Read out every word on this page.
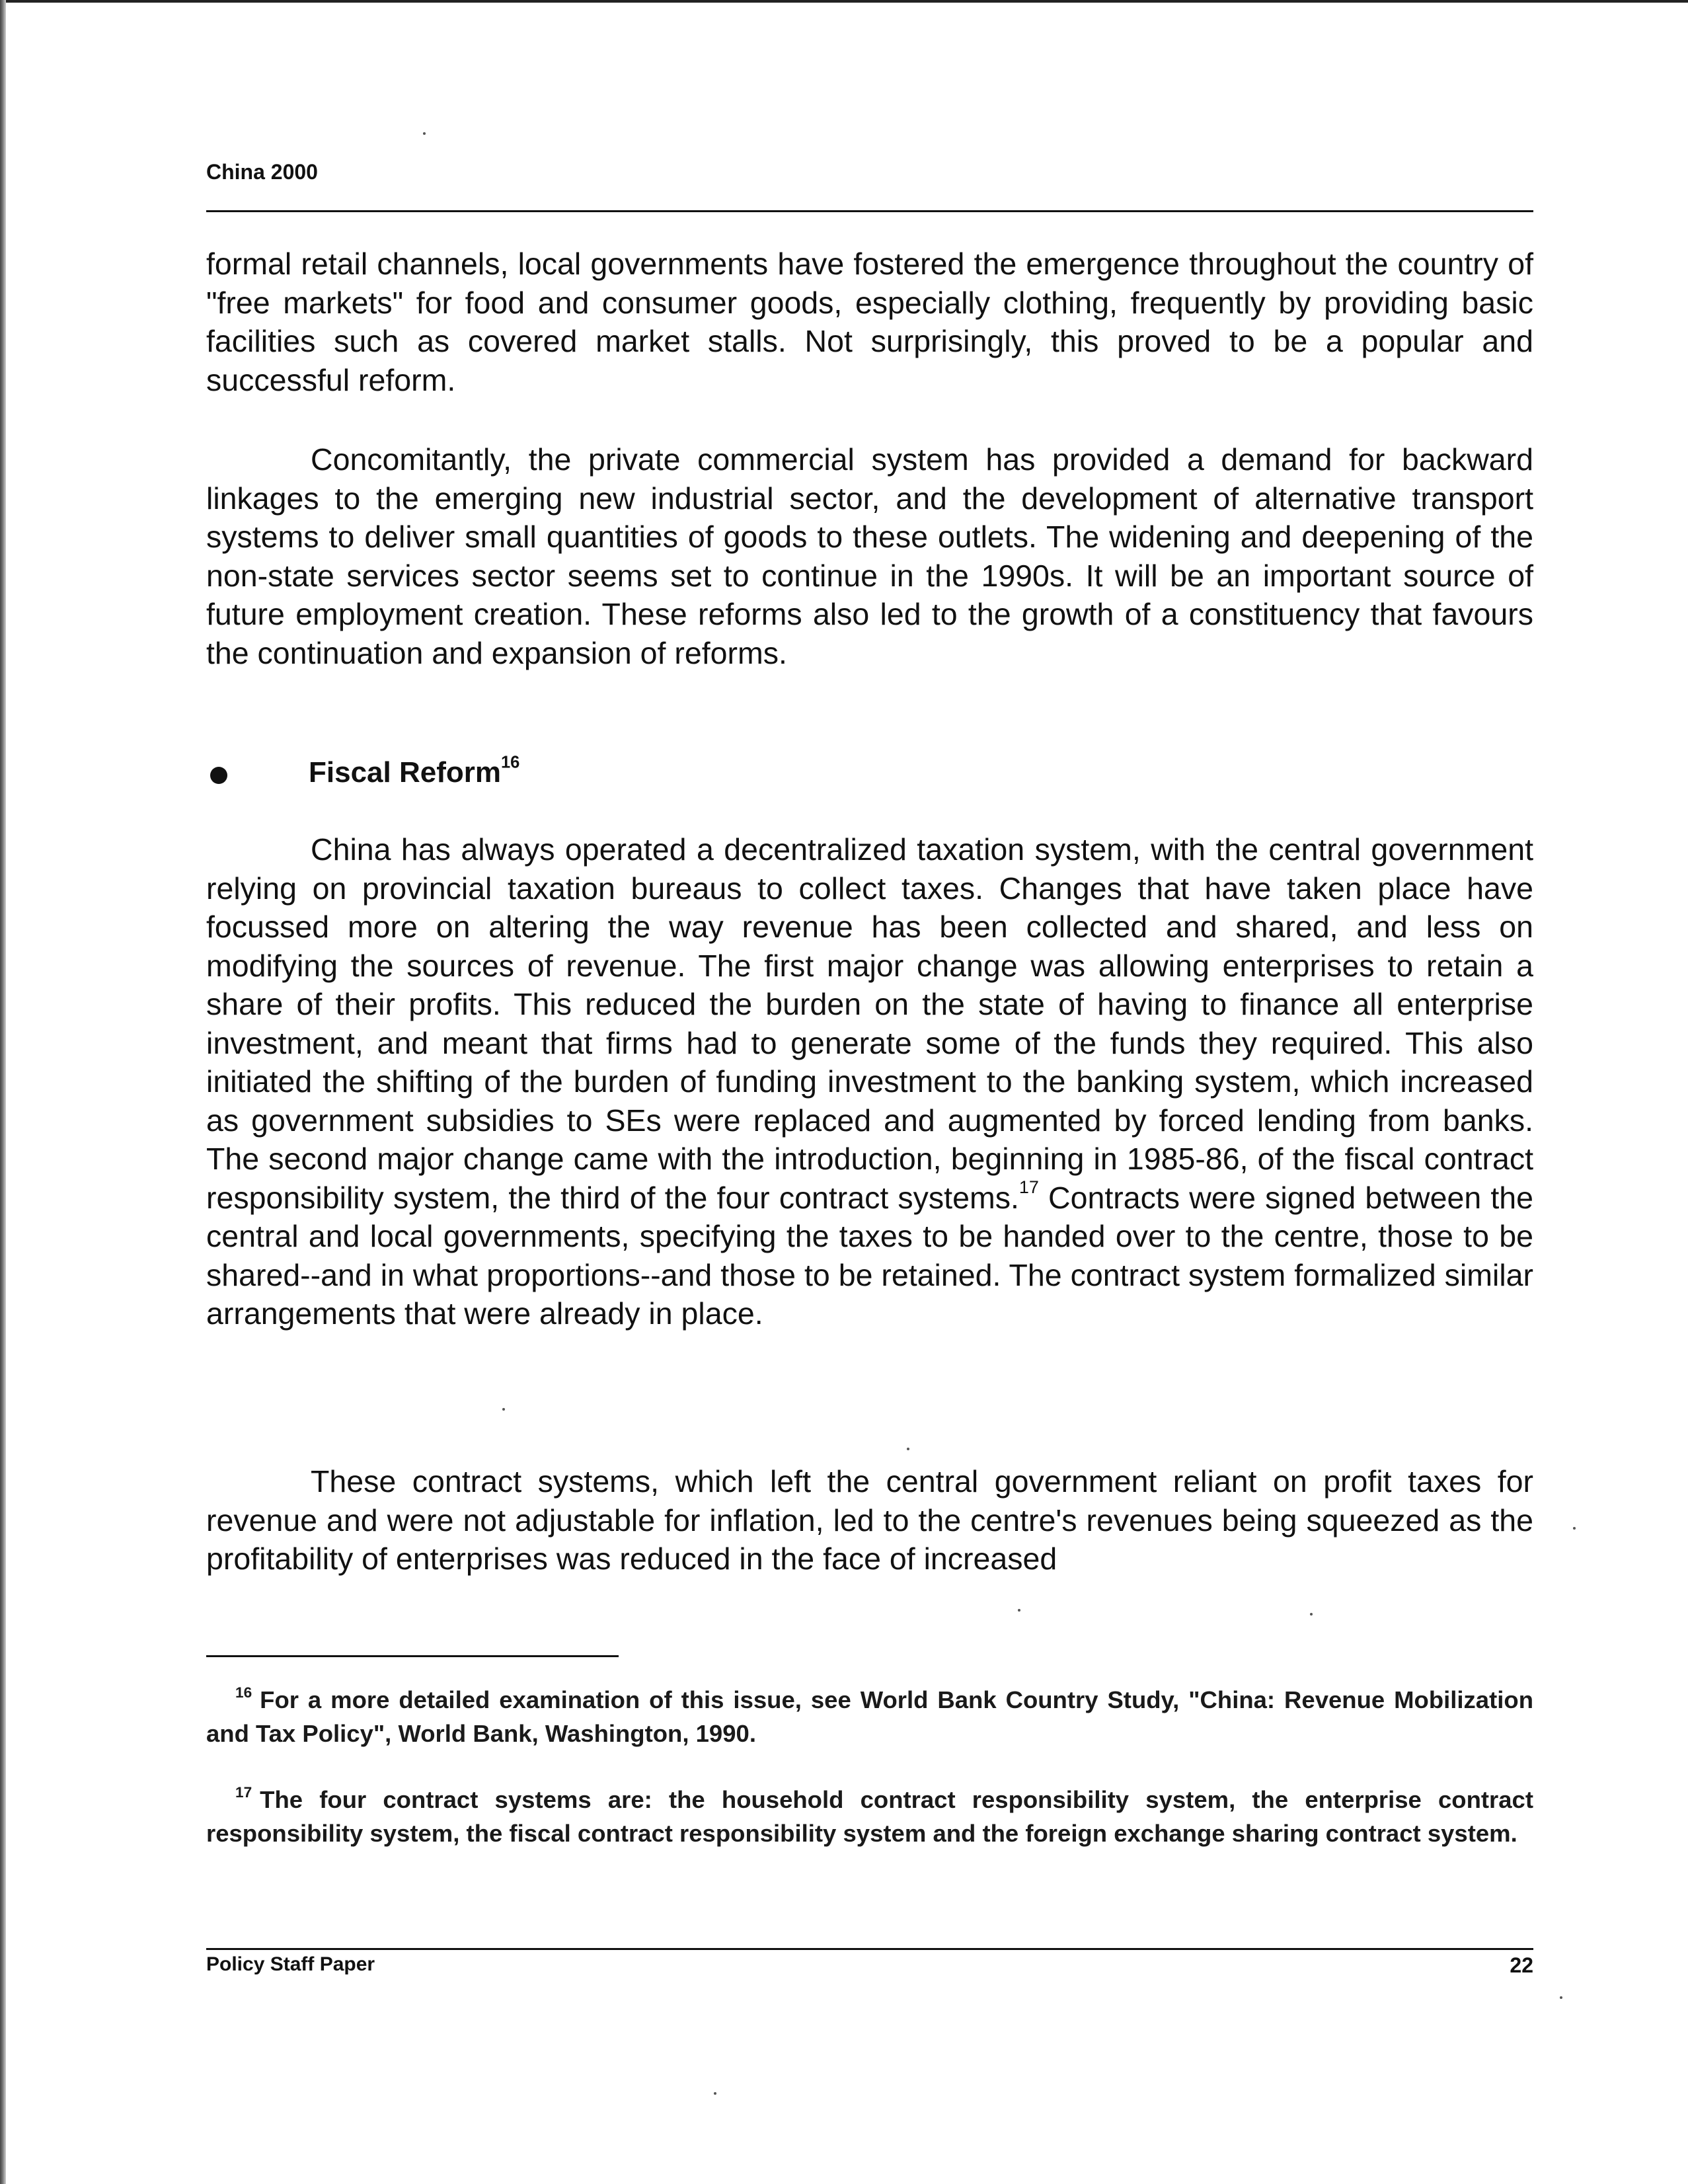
China 2000

formal retail channels, local governments have fostered the emergence throughout the country of "free markets" for food and consumer goods, especially clothing, frequently by providing basic facilities such as covered market stalls. Not surprisingly, this proved to be a popular and successful reform.

Concomitantly, the private commercial system has provided a demand for backward linkages to the emerging new industrial sector, and the development of alternative transport systems to deliver small quantities of goods to these outlets. The widening and deepening of the non-state services sector seems set to continue in the 1990s. It will be an important source of future employment creation. These reforms also led to the growth of a constituency that favours the continuation and expansion of reforms.

Fiscal Reform$^{16}$

China has always operated a decentralized taxation system, with the central government relying on provincial taxation bureaus to collect taxes. Changes that have taken place have focussed more on altering the way revenue has been collected and shared, and less on modifying the sources of revenue. The first major change was allowing enterprises to retain a share of their profits. This reduced the burden on the state of having to finance all enterprise investment, and meant that firms had to generate some of the funds they required. This also initiated the shifting of the burden of funding investment to the banking system, which increased as government subsidies to SEs were replaced and augmented by forced lending from banks. The second major change came with the introduction, beginning in 1985-86, of the fiscal contract responsibility system, the third of the four contract systems.$^{17}$ Contracts were signed between the central and local governments, specifying the taxes to be handed over to the centre, those to be shared--and in what proportions--and those to be retained. The contract system formalized similar arrangements that were already in place.

These contract systems, which left the central government reliant on profit taxes for revenue and were not adjustable for inflation, led to the centre's revenues being squeezed as the profitability of enterprises was reduced in the face of increased

$^{16}$ For a more detailed examination of this issue, see World Bank Country Study, "China: Revenue Mobilization and Tax Policy", World Bank, Washington, 1990.

$^{17}$ The four contract systems are: the household contract responsibility system, the enterprise contract responsibility system, the fiscal contract responsibility system and the foreign exchange sharing contract system.

Policy Staff Paper	22
